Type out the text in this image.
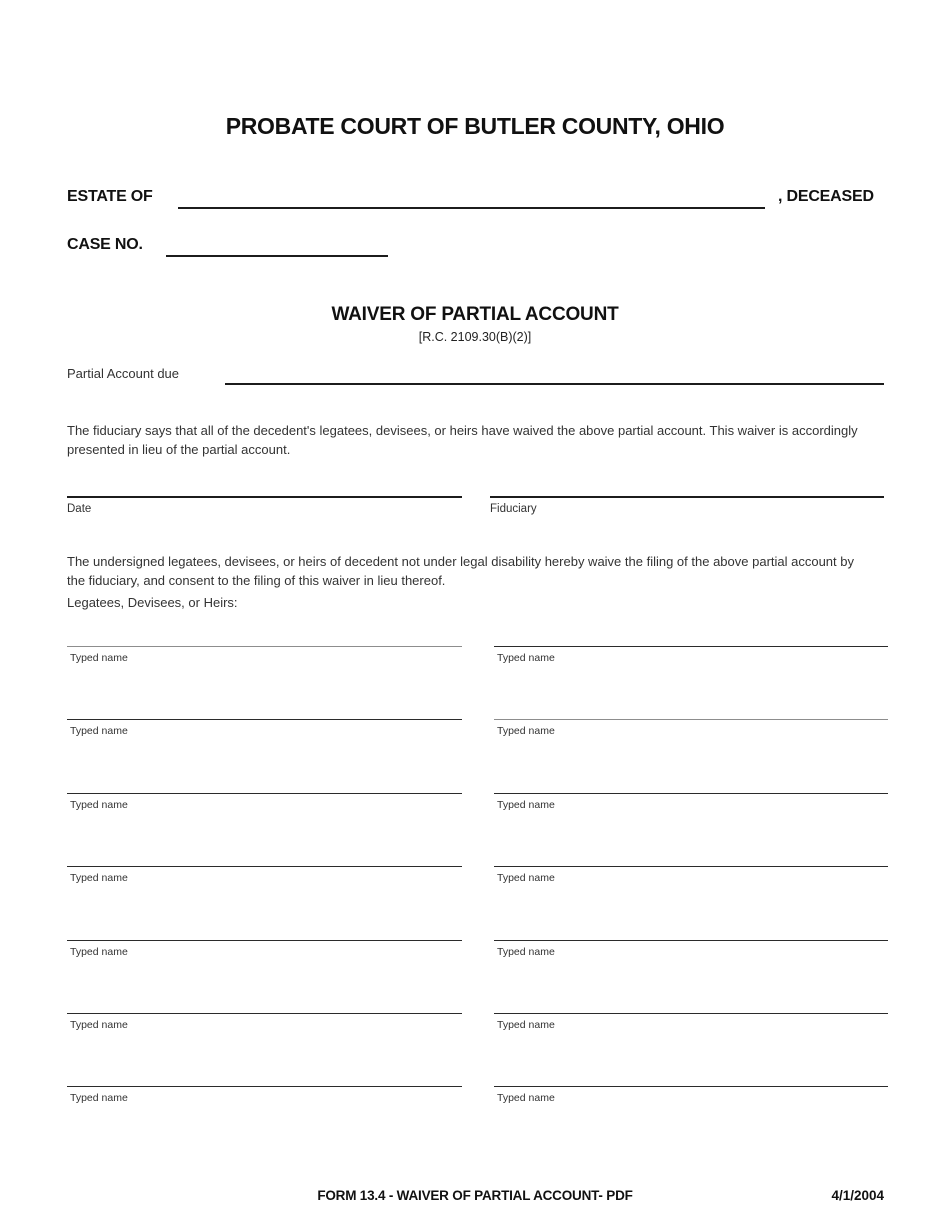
PROBATE COURT OF BUTLER COUNTY, OHIO
ESTATE OF	, DECEASED
CASE NO.
WAIVER OF PARTIAL ACCOUNT
[R.C. 2109.30(B)(2)]
Partial Account due

The fiduciary says that all of the decedent's legatees, devisees, or heirs have waived the above partial account. This waiver is accordingly presented in lieu of the partial account.

Date	Fiduciary

The undersigned legatees, devisees, or heirs of decedent not under legal disability hereby waive the filing of the above partial account by the fiduciary, and consent to the filing of this waiver in lieu thereof.

Legatees, Devisees, or Heirs:
Typed name	Typed name
Typed name	Typed name
Typed name	Typed name
Typed name	Typed name
Typed name	Typed name
Typed name	Typed name
Typed name	Typed name
FORM 13.4 - WAIVER OF PARTIAL ACCOUNT- PDF	4/1/2004
